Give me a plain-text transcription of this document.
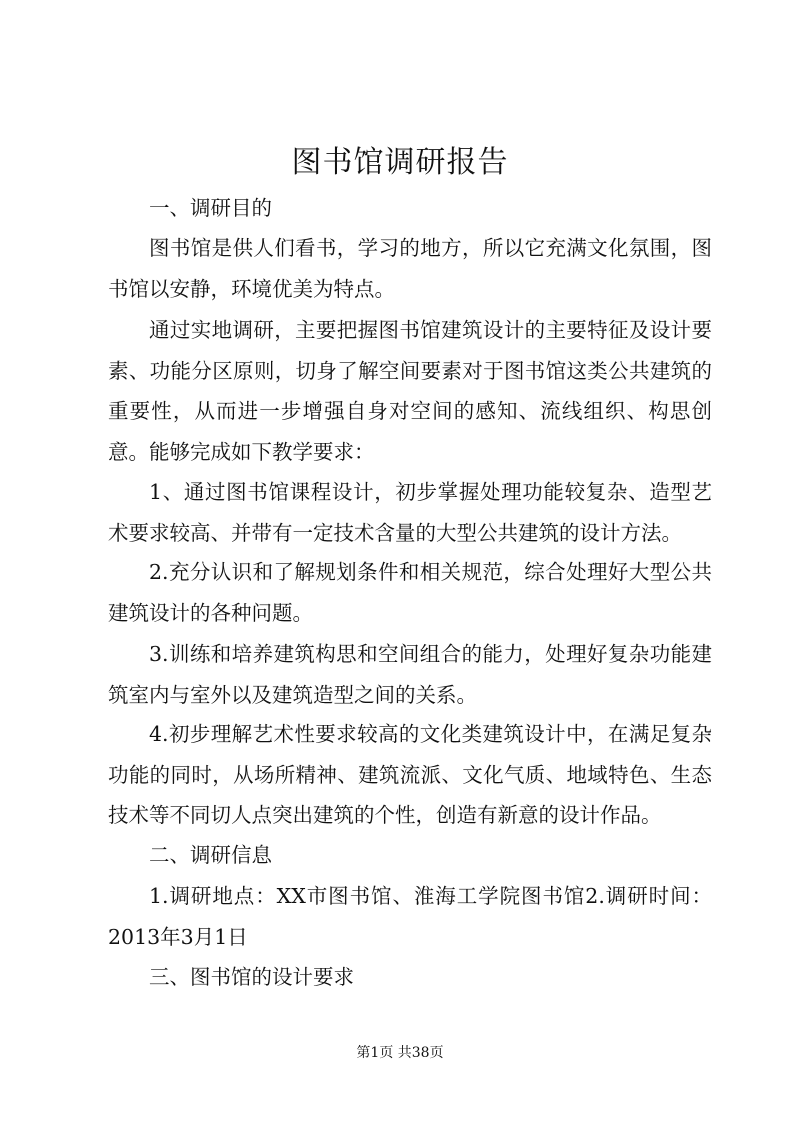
图书馆调研报告

一、调研目的

图书馆是供人们看书，学习的地方，所以它充满文化氛围，图书馆以安静，环境优美为特点。

通过实地调研，主要把握图书馆建筑设计的主要特征及设计要素、功能分区原则，切身了解空间要素对于图书馆这类公共建筑的重要性，从而进一步增强自身对空间的感知、流线组织、构思创意。能够完成如下教学要求：

1、通过图书馆课程设计，初步掌握处理功能较复杂、造型艺术要求较高、并带有一定技术含量的大型公共建筑的设计方法。

2.充分认识和了解规划条件和相关规范，综合处理好大型公共建筑设计的各种问题。

3.训练和培养建筑构思和空间组合的能力，处理好复杂功能建筑室内与室外以及建筑造型之间的关系。

4.初步理解艺术性要求较高的文化类建筑设计中，在满足复杂功能的同时，从场所精神、建筑流派、文化气质、地域特色、生态技术等不同切人点突出建筑的个性，创造有新意的设计作品。

二、调研信息

1.调研地点：XX市图书馆、淮海工学院图书馆2.调研时间：2013年3月1日

三、图书馆的设计要求

第1页 共38页
